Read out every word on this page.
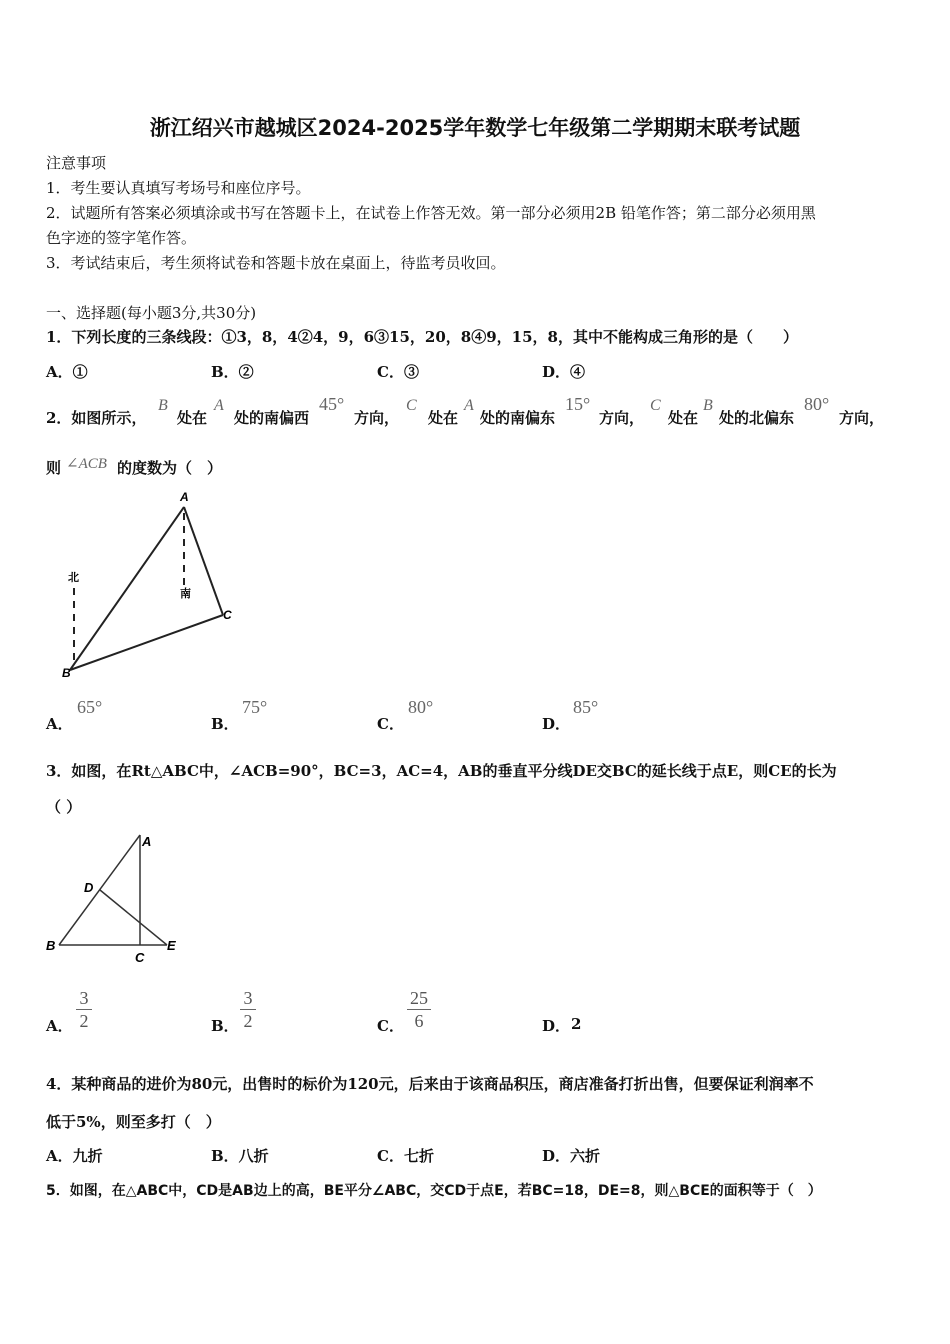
浙江绍兴市越城区2024-2025学年数学七年级第二学期期末联考试题
注意事项
1．考生要认真填写考场号和座位序号。
2．试题所有答案必须填涂或书写在答题卡上，在试卷上作答无效。第一部分必须用2B 铅笔作答；第二部分必须用黑
色字迹的签字笔作答。
3．考试结束后，考生须将试卷和答题卡放在桌面上，待监考员收回。
一、选择题(每小题3分,共30分)
1．下列长度的三条线段：①3，8，4②4，9，6③15，20，8④9，15，8，其中不能构成三角形的是（　　）
A．①	B．②	C．③	D．④
2．如图所示，
B
处在
A
处的南偏西
45°
方向，
C
处在
A
处的南偏东
15°
方向，
C
处在
B
处的北偏东
80°
方向，
则 ∠ACB 的度数为（　）
北
南
A
B
C
A．
65°
B．
75°
C．
80°
D．
85°
3．如图，在Rt△ABC中，∠ACB=90°，BC=3，AC=4，AB的垂直平分线DE交BC的延长线于点E，则CE的长为
（ ）
A
B
C
D
E
A．
3
2	B．
3
2	C．
25
6	D． 2
4．某种商品的进价为80元，出售时的标价为120元，后来由于该商品积压，商店准备打折出售，但要保证利润率不
低于5%，则至多打（　）
A．九折	B．八折	C．七折	D．六折
5．如图，在△ABC中，CD是AB边上的高，BE平分∠ABC，交CD于点E，若BC=18，DE=8，则△BCE的面积等于（　）
